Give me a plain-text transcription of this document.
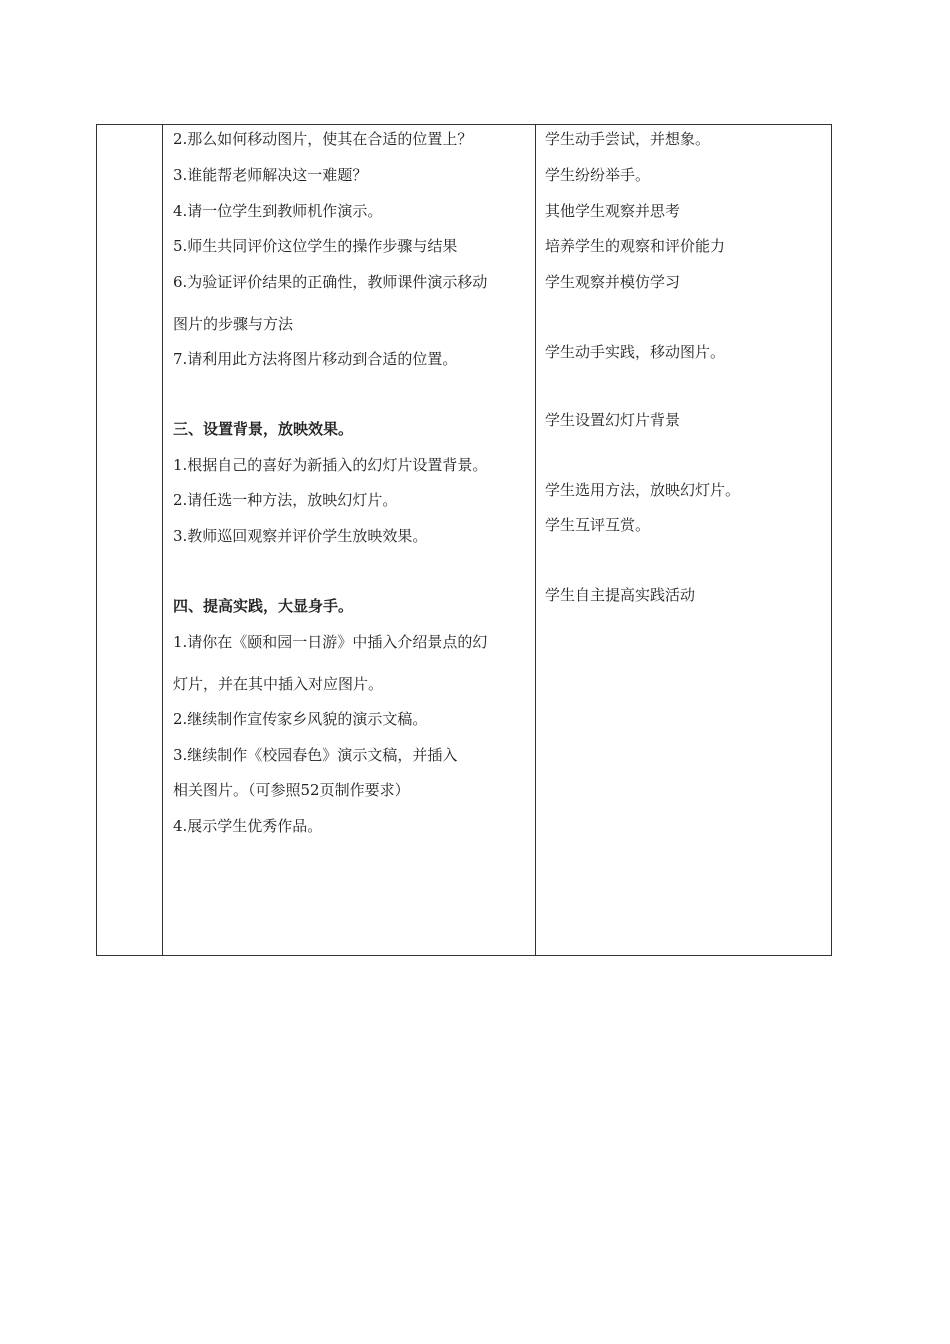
2.那么如何移动图片，使其在合适的位置上？
3.谁能帮老师解决这一难题？
4.请一位学生到教师机作演示。
5.师生共同评价这位学生的操作步骤与结果
6.为验证评价结果的正确性，教师课件演示移动
图片的步骤与方法
7.请利用此方法将图片移动到合适的位置。
三、设置背景，放映效果。
1.根据自己的喜好为新插入的幻灯片设置背景。
2.请任选一种方法，放映幻灯片。
3.教师巡回观察并评价学生放映效果。
四、提高实践，大显身手。
1.请你在《颐和园一日游》中插入介绍景点的幻
灯片，并在其中插入对应图片。
2.继续制作宣传家乡风貌的演示文稿。
3.继续制作《校园春色》演示文稿，并插入
相关图片。（可参照52页制作要求）
4.展示学生优秀作品。
学生动手尝试，并想象。
学生纷纷举手。
其他学生观察并思考
培养学生的观察和评价能力
学生观察并模仿学习
学生动手实践，移动图片。
学生设置幻灯片背景
学生选用方法，放映幻灯片。
学生互评互赏。
学生自主提高实践活动
